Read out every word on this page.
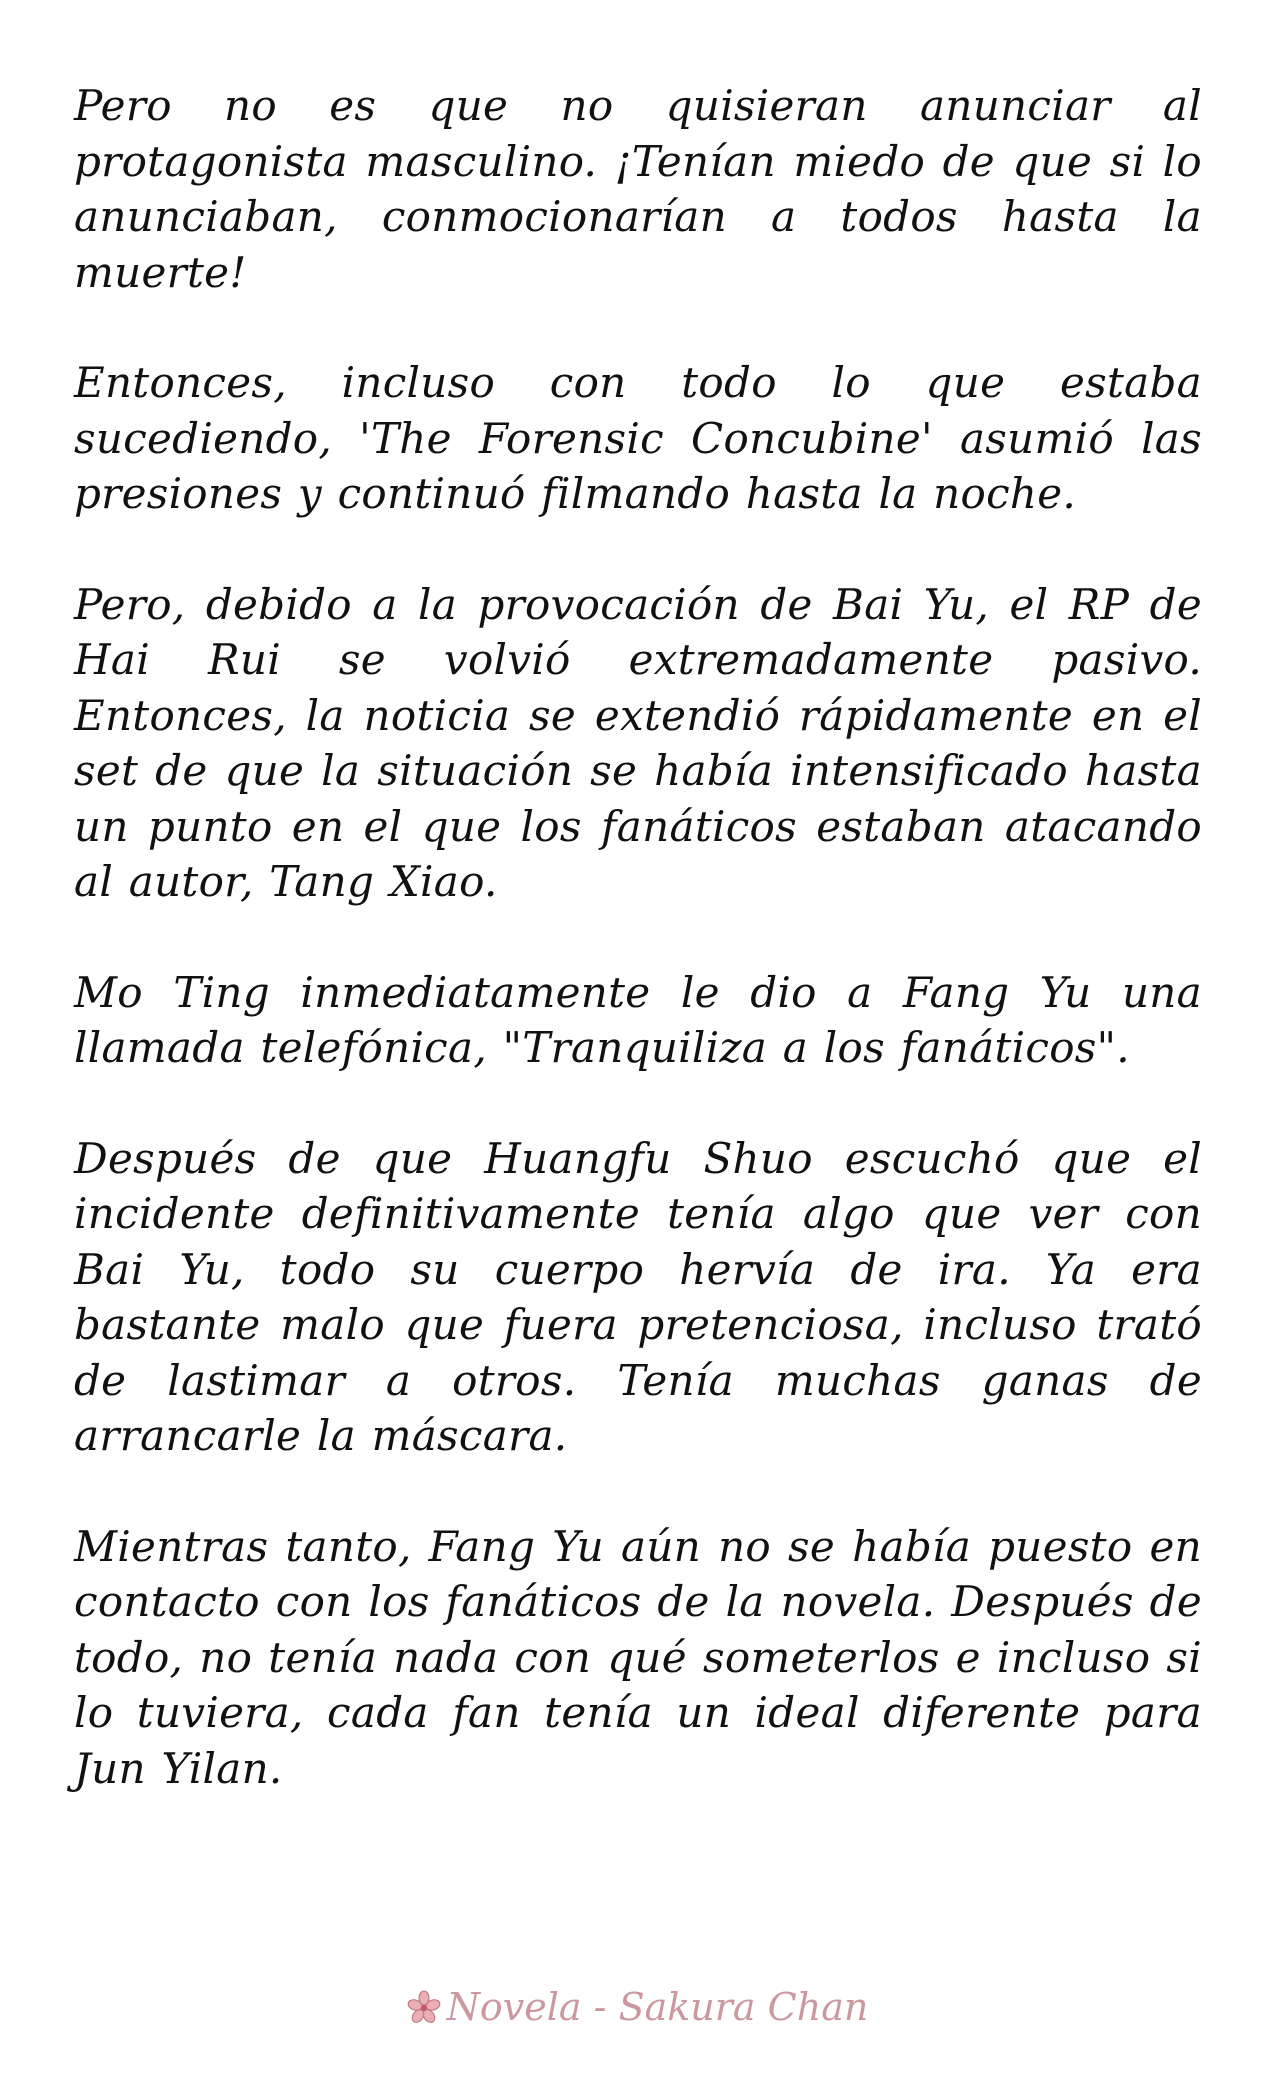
Pero no es que no quisieran anunciar al protagonista masculino. ¡Tenían miedo de que si lo anunciaban, conmocionarían a todos hasta la muerte!

Entonces, incluso con todo lo que estaba sucediendo, 'The Forensic Concubine' asumió las presiones y continuó filmando hasta la noche.

Pero, debido a la provocación de Bai Yu, el RP de Hai Rui se volvió extremadamente pasivo. Entonces, la noticia se extendió rápidamente en el set de que la situación se había intensificado hasta un punto en el que los fanáticos estaban atacando al autor, Tang Xiao.

Mo Ting inmediatamente le dio a Fang Yu una llamada telefónica, "Tranquiliza a los fanáticos".

Después de que Huangfu Shuo escuchó que el incidente definitivamente tenía algo que ver con Bai Yu, todo su cuerpo hervía de ira. Ya era bastante malo que fuera pretenciosa, incluso trató de lastimar a otros. Tenía muchas ganas de arrancarle la máscara.

Mientras tanto, Fang Yu aún no se había puesto en contacto con los fanáticos de la novela. Después de todo, no tenía nada con qué someterlos e incluso si lo tuviera, cada fan tenía un ideal diferente para Jun Yilan.

Novela - Sakura Chan
